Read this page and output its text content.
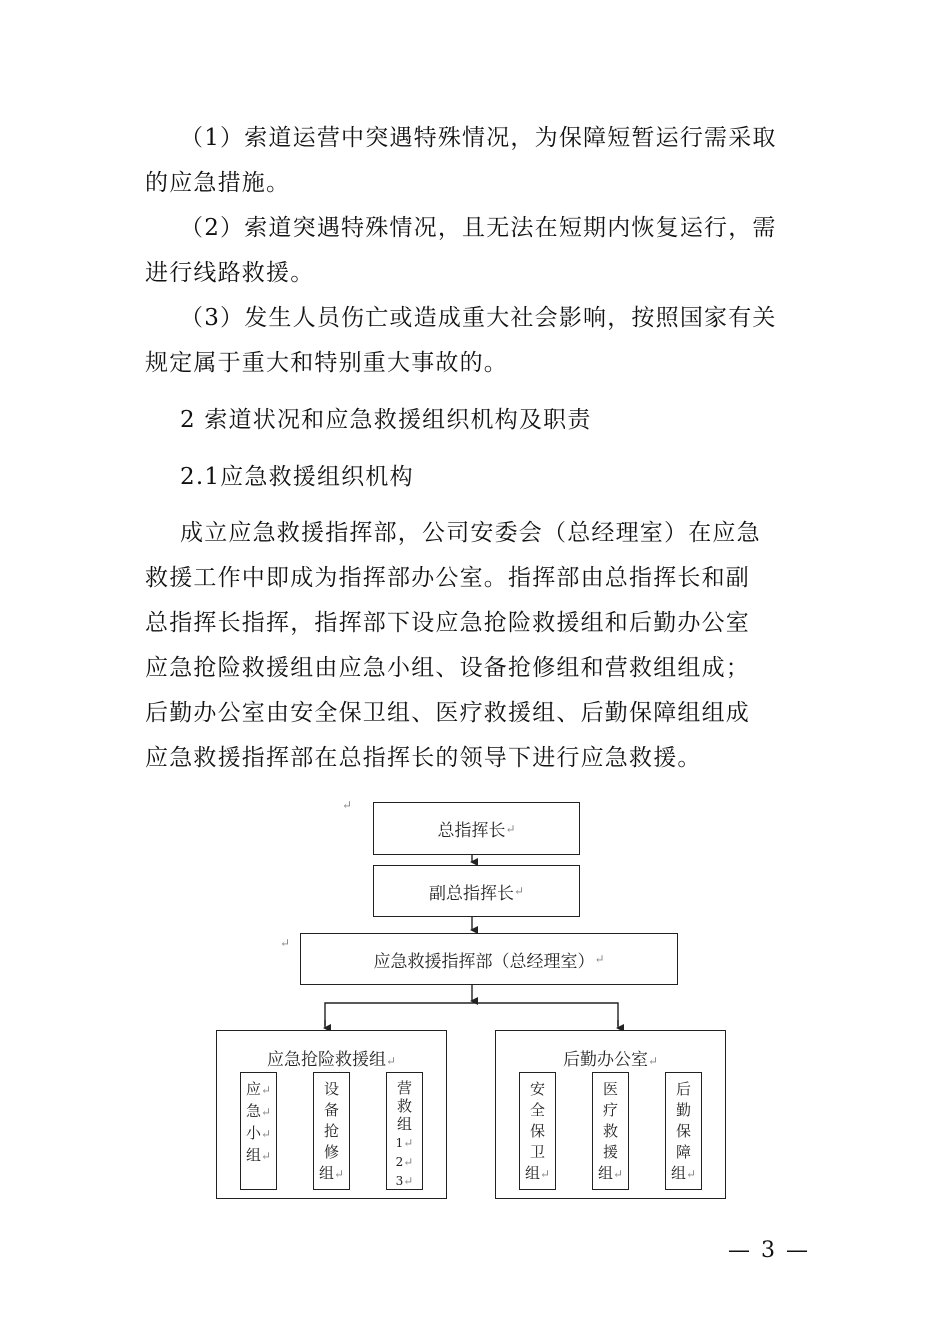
（1）索道运营中突遇特殊情况，为保障短暂运行需采取
的应急措施。
（2）索道突遇特殊情况，且无法在短期内恢复运行，需
进行线路救援。
（3）发生人员伤亡或造成重大社会影响，按照国家有关
规定属于重大和特别重大事故的。
2 索道状况和应急救援组织机构及职责
2.1应急救援组织机构
成立应急救援指挥部，公司安委会（总经理室）在应急
救援工作中即成为指挥部办公室。指挥部由总指挥长和副
总指挥长指挥，指挥部下设应急抢险救援组和后勤办公室
应急抢险救援组由应急小组、设备抢修组和营救组组成；
后勤办公室由安全保卫组、医疗救援组、后勤保障组组成
应急救援指挥部在总指挥长的领导下进行应急救援。
↵
↵
总指挥长 ↵
副总指挥长 ↵
应急救援指挥部（总经理室） ↵
应急抢险救援组↵
应↵
急↵
小↵
组↵
设
备
抢
修
组↵
营
救
组
1↵
2↵
3↵
后勤办公室↵
安
全
保
卫
组↵
医
疗
救
援
组↵
后
勤
保
障
组↵
— 3 —
